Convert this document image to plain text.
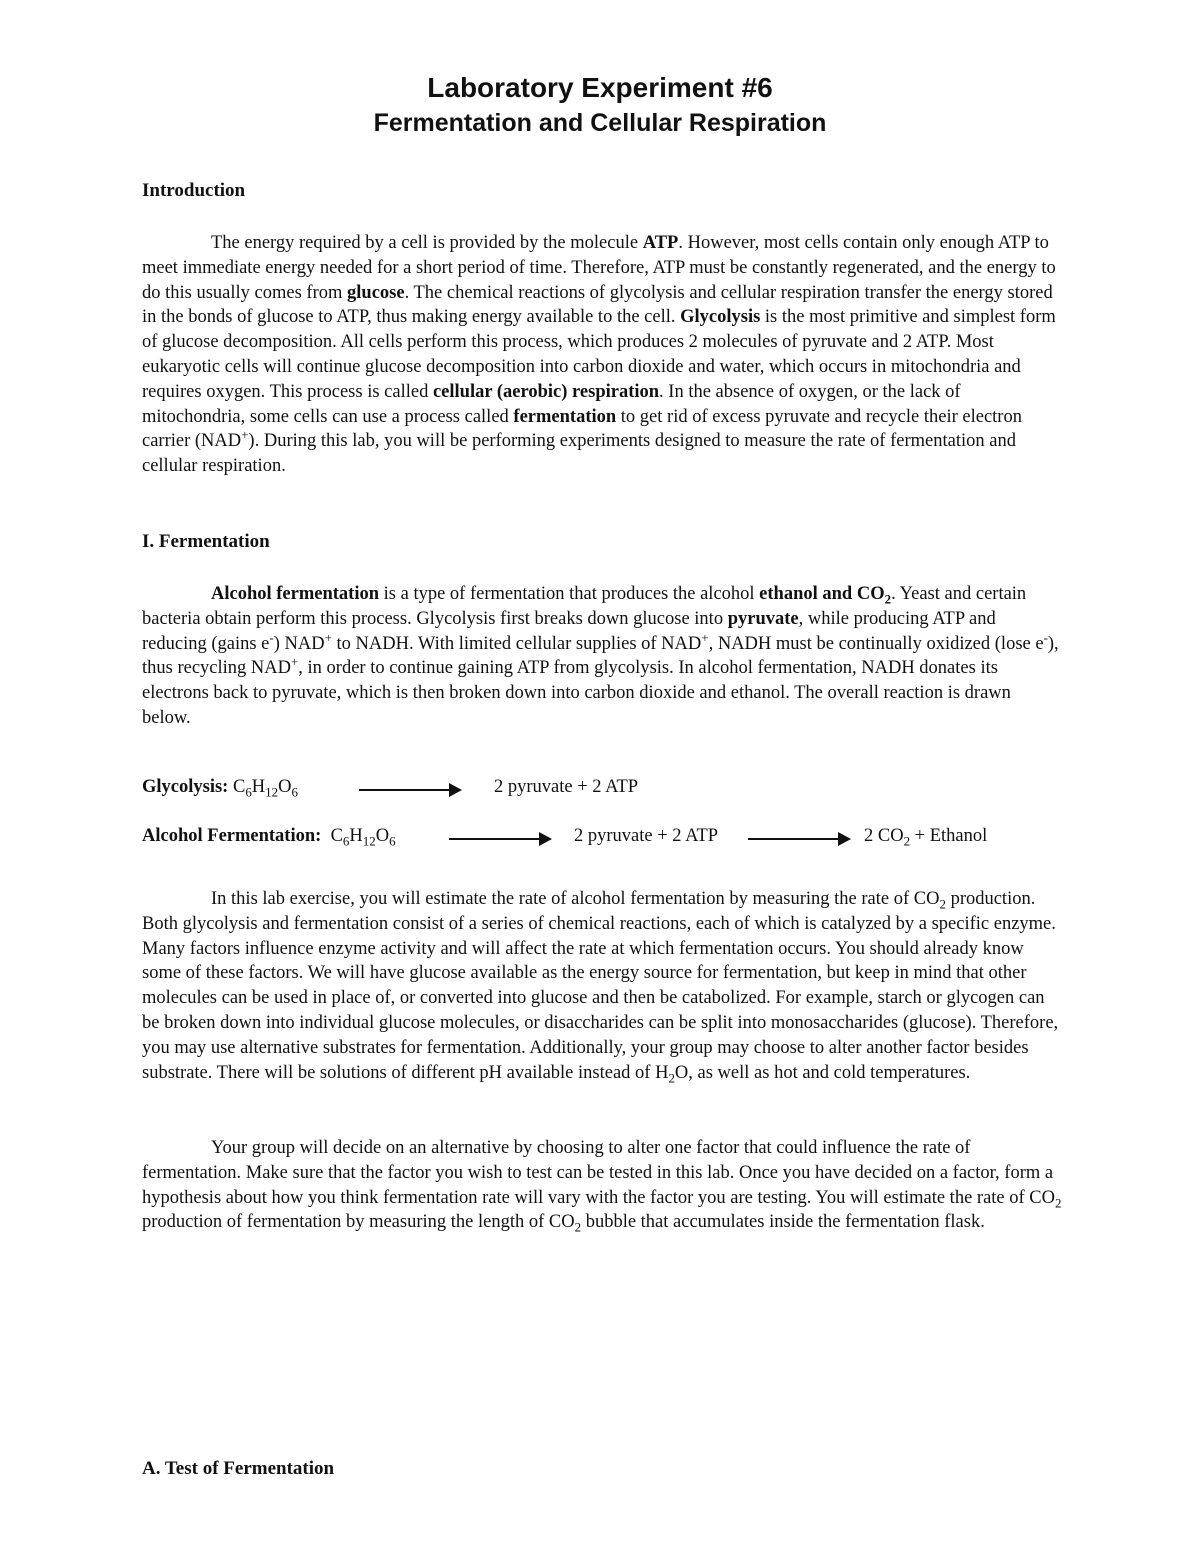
Laboratory Experiment #6
Fermentation and Cellular Respiration
Introduction

The energy required by a cell is provided by the molecule ATP. However, most cells contain only enough ATP to meet immediate energy needed for a short period of time. Therefore, ATP must be constantly regenerated, and the energy to do this usually comes from glucose. The chemical reactions of glycolysis and cellular respiration transfer the energy stored in the bonds of glucose to ATP, thus making energy available to the cell. Glycolysis is the most primitive and simplest form of glucose decomposition. All cells perform this process, which produces 2 molecules of pyruvate and 2 ATP. Most eukaryotic cells will continue glucose decomposition into carbon dioxide and water, which occurs in mitochondria and requires oxygen. This process is called cellular (aerobic) respiration. In the absence of oxygen, or the lack of mitochondria, some cells can use a process called fermentation to get rid of excess pyruvate and recycle their electron carrier (NAD+). During this lab, you will be performing experiments designed to measure the rate of fermentation and cellular respiration.

I. Fermentation

Alcohol fermentation is a type of fermentation that produces the alcohol ethanol and $CO_2$. Yeast and certain bacteria obtain perform this process. Glycolysis first breaks down glucose into pyruvate, while producing ATP and reducing (gains e-) NAD+ to NADH. With limited cellular supplies of NAD+, NADH must be continually oxidized (lose e-), thus recycling NAD+, in order to continue gaining ATP from glycolysis. In alcohol fermentation, NADH donates its electrons back to pyruvate, which is then broken down into carbon dioxide and ethanol. The overall reaction is drawn below.

Glycolysis: $C_6H_{12}O_6$	2 pyruvate + 2 ATP
Alcohol Fermentation: $C_6H_{12}O_6$	2 pyruvate + 2 ATP	2 $CO_2$ + Ethanol

In this lab exercise, you will estimate the rate of alcohol fermentation by measuring the rate of $CO_2$ production. Both glycolysis and fermentation consist of a series of chemical reactions, each of which is catalyzed by a specific enzyme. Many factors influence enzyme activity and will affect the rate at which fermentation occurs. You should already know some of these factors. We will have glucose available as the energy source for fermentation, but keep in mind that other molecules can be used in place of, or converted into glucose and then be catabolized. For example, starch or glycogen can be broken down into individual glucose molecules, or disaccharides can be split into monosaccharides (glucose). Therefore, you may use alternative substrates for fermentation. Additionally, your group may choose to alter another factor besides substrate. There will be solutions of different pH available instead of $H_2O$, as well as hot and cold temperatures.

Your group will decide on an alternative by choosing to alter one factor that could influence the rate of fermentation. Make sure that the factor you wish to test can be tested in this lab. Once you have decided on a factor, form a hypothesis about how you think fermentation rate will vary with the factor you are testing. You will estimate the rate of $CO_2$ production of fermentation by measuring the length of $CO_2$ bubble that accumulates inside the fermentation flask.

A. Test of Fermentation
